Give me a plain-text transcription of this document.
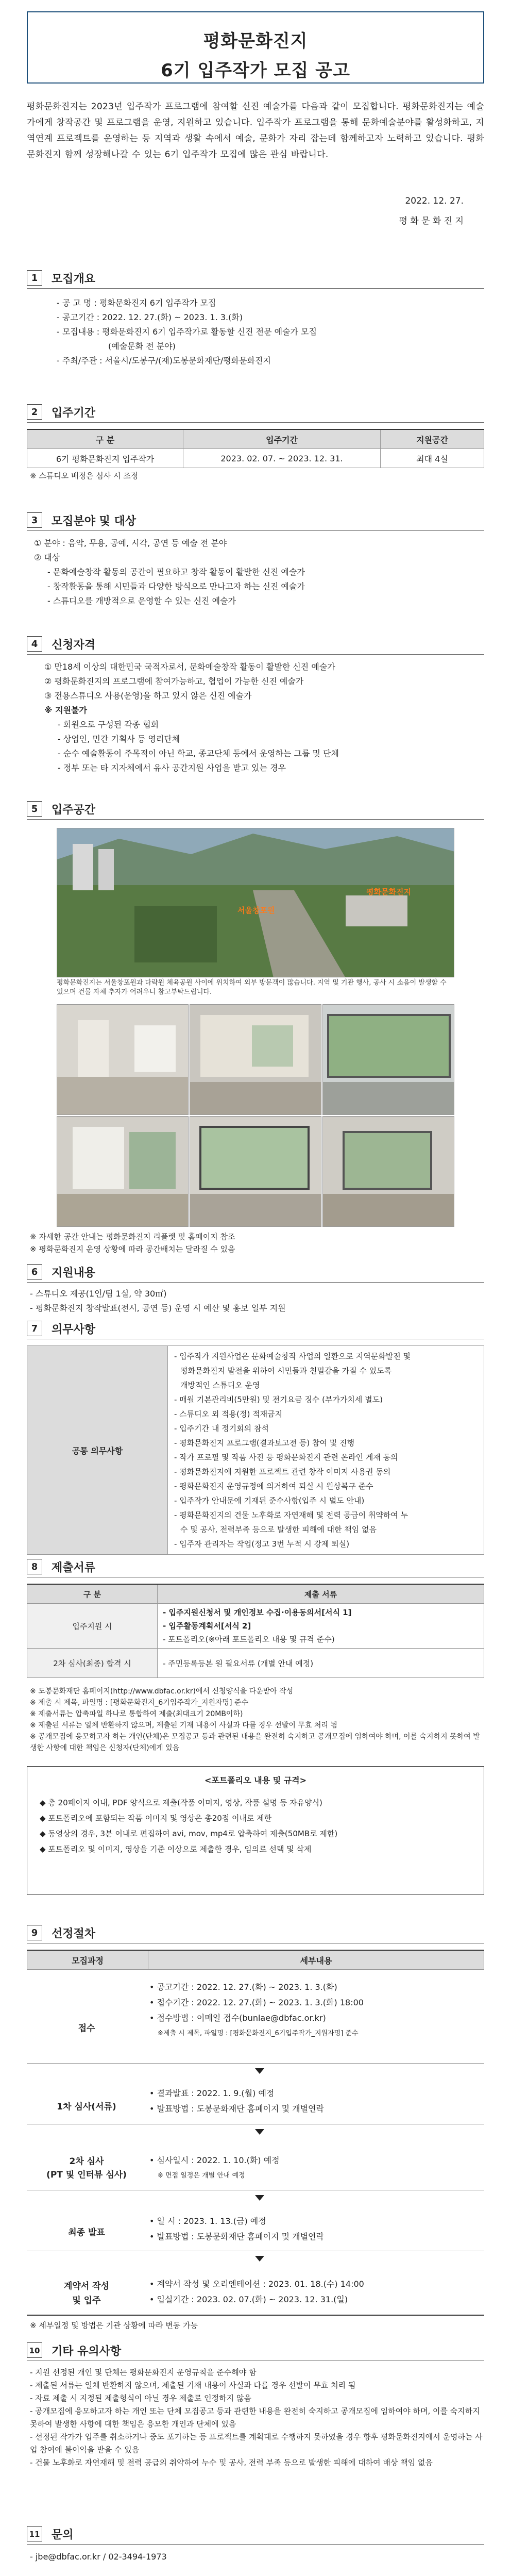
평화문화진지
6기 입주작가 모집 공고
평화문화진지는 2023년 입주작가 프로그램에 참여할 신진 예술가를 다음과 같이 모집합니다. 평화문화진지는 예술가에게 창작공간 및 프로그램을 운영, 지원하고 있습니다. 입주작가 프로그램을 통해 문화예술분야를 활성화하고, 지역연계 프로젝트를 운영하는 등 지역과 생활 속에서 예술, 문화가 자리 잡는데 함께하고자 노력하고 있습니다. 평화문화진지 함께 성장해나갈 수 있는 6기 입주작가 모집에 많은 관심 바랍니다.
2022. 12. 27.
평 화 문 화 진 지
1	모집개요

- 공 고 명 : 평화문화진지 6기 입주작가 모집

- 공고기간 : 2022. 12. 27.(화) ~ 2023. 1. 3.(화)

- 모집내용 : 평화문화진지 6기 입주작가로 활동할 신진 전문 예술가 모집

(예술문화 전 분야)

- 주최/주관 : 서울시/도봉구/(재)도봉문화재단/평화문화진지

2	입주기간
구 분	입주기간	지원공간
6기 평화문화진지 입주작가	2023. 02. 07. ~ 2023. 12. 31.	최대 4실
※ 스튜디오 배정은 심사 시 조정
3	모집분야 및 대상

① 분야 : 음악, 무용, 공예, 시각, 공연 등 예술 전 분야

② 대상

- 문화예술창작 활동의 공간이 필요하고 창작 활동이 활발한 신진 예술가

- 창작활동을 통해 시민들과 다양한 방식으로 만나고자 하는 신진 예술가

- 스튜디오를 개방적으로 운영할 수 있는 신진 예술가

4	신청자격

① 만18세 이상의 대한민국 국적자로서, 문화예술창작 활동이 활발한 신진 예술가

② 평화문화진지의 프로그램에 참여가능하고, 협업이 가능한 신진 예술가

③ 전용스튜디오 사용(운영)을 하고 있지 않은 신진 예술가

※ 지원불가

- 회원으로 구성된 각종 협회

- 상업인, 민간 기획사 등 영리단체

- 순수 예술활동이 주목적이 아닌 학교, 종교단체 등에서 운영하는 그룹 및 단체

- 정부 또는 타 지자체에서 유사 공간지원 사업을 받고 있는 경우

5	입주공간
평화문화진지
서울창포원
평화문화진지는 서울창포원과 다락원 체육공원 사이에 위치하여 외부 방문객이 많습니다. 지역 및 기관 행사, 공사 시 소음이 발생할 수 있으며 건물 자체 추자가 어려우니 참고부탁드립니다.
※ 자세한 공간 안내는 평화문화진지 리플렛 및 홈페이지 참조
※ 평화문화진지 운영 상황에 따라 공간배치는 달라질 수 있음
6	지원내용

- 스튜디오 제공(1인/팀 1실, 약 30㎡)

- 평화문화진지 창작발표(전시, 공연 등) 운영 시 예산 및 홍보 일부 지원

7	의무사항
공통 의무사항	
- 입주작가 지원사업은 문화예술창작 사업의 일환으로 지역문화발전 및
평화문화진지 발전을 위하여 시민들과 친밀감을 가질 수 있도록
개방적인 스튜디오 운영
- 매월 기본관리비(5만원) 및 전기요금 징수 (부가가치세 별도)
- 스튜디오 외 적용(정) 적재금지
- 입주기간 내 정기회의 참석
- 평화문화진지 프로그램(결과보고전 등) 참여 및 진행
- 작가 프로필 및 작품 사진 등 평화문화진지 관련 온라인 게재 동의
- 평화문화진지에 지원한 프로젝트 관련 창작 이미지 사용권 동의
- 평화문화진지 운영규정에 의거하여 퇴실 시 원상복구 준수
- 입주작가 안내문에 기재된 준수사항(입주 시 별도 안내)
- 평화문화진지의 건물 노후화로 자연재해 및 전력 공급이 취약하여 누
수 및 공사, 전력부족 등으로 발생한 피해에 대한 책임 없음
- 입주자 관리자는 작업(정고 3번 누적 시 강제 퇴실)
8	제출서류
구 분	제출 서류
입주지원 시	- 입주지원신청서 및 개인정보 수집·이용동의서[서식 1]
- 입주활동계획서[서식 2]
- 포트폴리오(※아래 포트폴리오 내용 및 규격 준수)

2차 심사(최종) 합격 시	- 주민등록등본 원 필요서류 (개별 안내 예정)
※ 도봉문화재단 홈페이지(http://www.dbfac.or.kr)에서 신청양식을 다운받아 작성
※ 제출 시 제목, 파일명 : [평화문화진지_6기입주작가_지원자명] 준수
※ 제출서류는 압축파일 하나로 통합하여 제출(최대크기 20MB이하)
※ 제출된 서류는 일체 반환하지 않으며, 제출된 기재 내용이 사실과 다를 경우 선발이 무효 처리 됨
※ 공개모집에 응모하고자 하는 개인(단체)은 모집공고 등과 관련된 내용을 완전히 숙지하고 공개모집에 임하여야 하며, 이를 숙지하지 못하여 발생한 사항에 대한 책임은 신청자(단체)에게 있음
<포트폴리오 내용 및 규격>
◆ 총 20페이지 이내, PDF 양식으로 제출(작품 이미지, 영상, 작품 설명 등 자유양식)
◆ 포트폴리오에 포함되는 작품 이미지 및 영상은 총20점 이내로 제한
◆ 동영상의 경우, 3분 이내로 편집하여 avi, mov, mp4로 압축하여 제출(50MB로 제한)
◆ 포트폴리오 및 이미지, 영상을 기준 이상으로 제출한 경우, 임의로 선택 및 삭제
9	선정절차
모집과정	세부내용
접수

• 공고기간 : 2022. 12. 27.(화) ~ 2023. 1. 3.(화)

• 접수기간 : 2022. 12. 27.(화) ~ 2023. 1. 3.(화) 18:00

• 접수방법 : 이메일 접수(bunlae@dbfac.or.kr)

※제출 시 제목, 파일명 : [평화문화진지_6기입주작가_지원자명] 준수

1차 심사(서류)

• 결과발표 : 2022. 1. 9.(월) 예정

• 발표방법 : 도봉문화재단 홈페이지 및 개별연락

2차 심사
(PT 및 인터뷰 심사)

• 심사일시 : 2022. 1. 10.(화) 예정

※ 면접 일정은 개별 안내 예정

최종 발표

• 일 시 : 2023. 1. 13.(금) 예정

• 발표방법 : 도봉문화재단 홈페이지 및 개별연락

계약서 작성
및 입주

• 계약서 작성 및 오리엔테이션 : 2023. 01. 18.(수) 14:00

• 입실기간 : 2023. 02. 07.(화) ~ 2023. 12. 31.(일)

※ 세부일정 및 방법은 기관 상황에 따라 변동 가능
10 기타 유의사항
- 지원 선정된 개인 및 단체는 평화문화진지 운영규칙을 준수해야 함
- 제출된 서류는 일체 반환하지 않으며, 제출된 기재 내용이 사실과 다를 경우 선발이 무효 처리 됨
- 자료 제출 시 지정된 제출형식이 아닐 경우 제출로 인정하지 않음
- 공개모집에 응모하고자 하는 개인 또는 단체 모집공고 등과 관련한 내용을 완전히 숙지하고 공개모집에 임하여야 하며, 이를 숙지하지 못하여 발생한 사항에 대한 책임은 응모한 개인과 단체에 있음
- 선정된 작가가 입주를 취소하거나 중도 포기하는 등 프로젝트를 계획대로 수행하지 못하였을 경우 향후 평화문화진지에서 운영하는 사업 참여에 불이익을 받을 수 있음
- 건물 노후화로 자연재해 및 전력 공급의 취약하여 누수 및 공사, 전력 부족 등으로 발생한 피해에 대하여 배상 책임 없음
11 문의
- jbe@dbfac.or.kr / 02-3494-1973
